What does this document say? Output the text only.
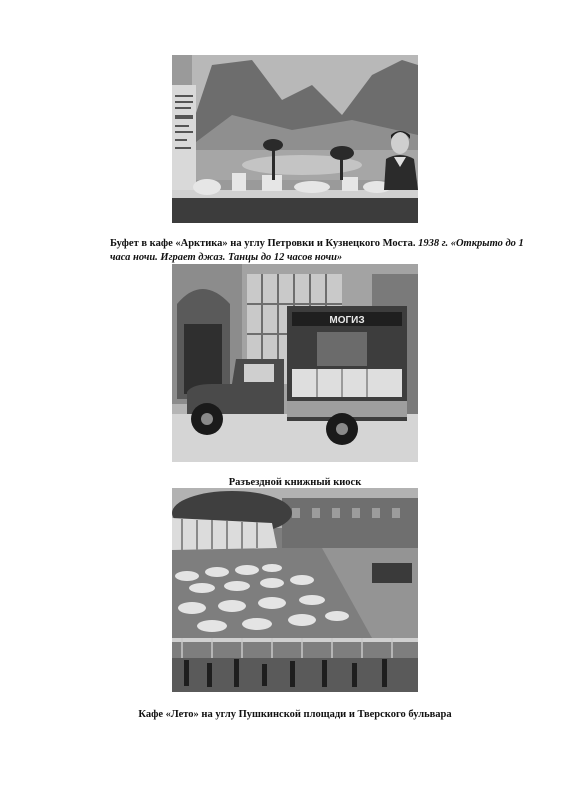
Буфет в кафе «Арктика» на углу Петровки и Кузнецкого Моста. 1938 г. «Открыто до 1 часа ночи. Играет джаз. Танцы до 12 часов ночи»

МОГИЗ

Разъездной книжный киоск

Кафе «Лето» на углу Пушкинской площади и Тверского бульвара
